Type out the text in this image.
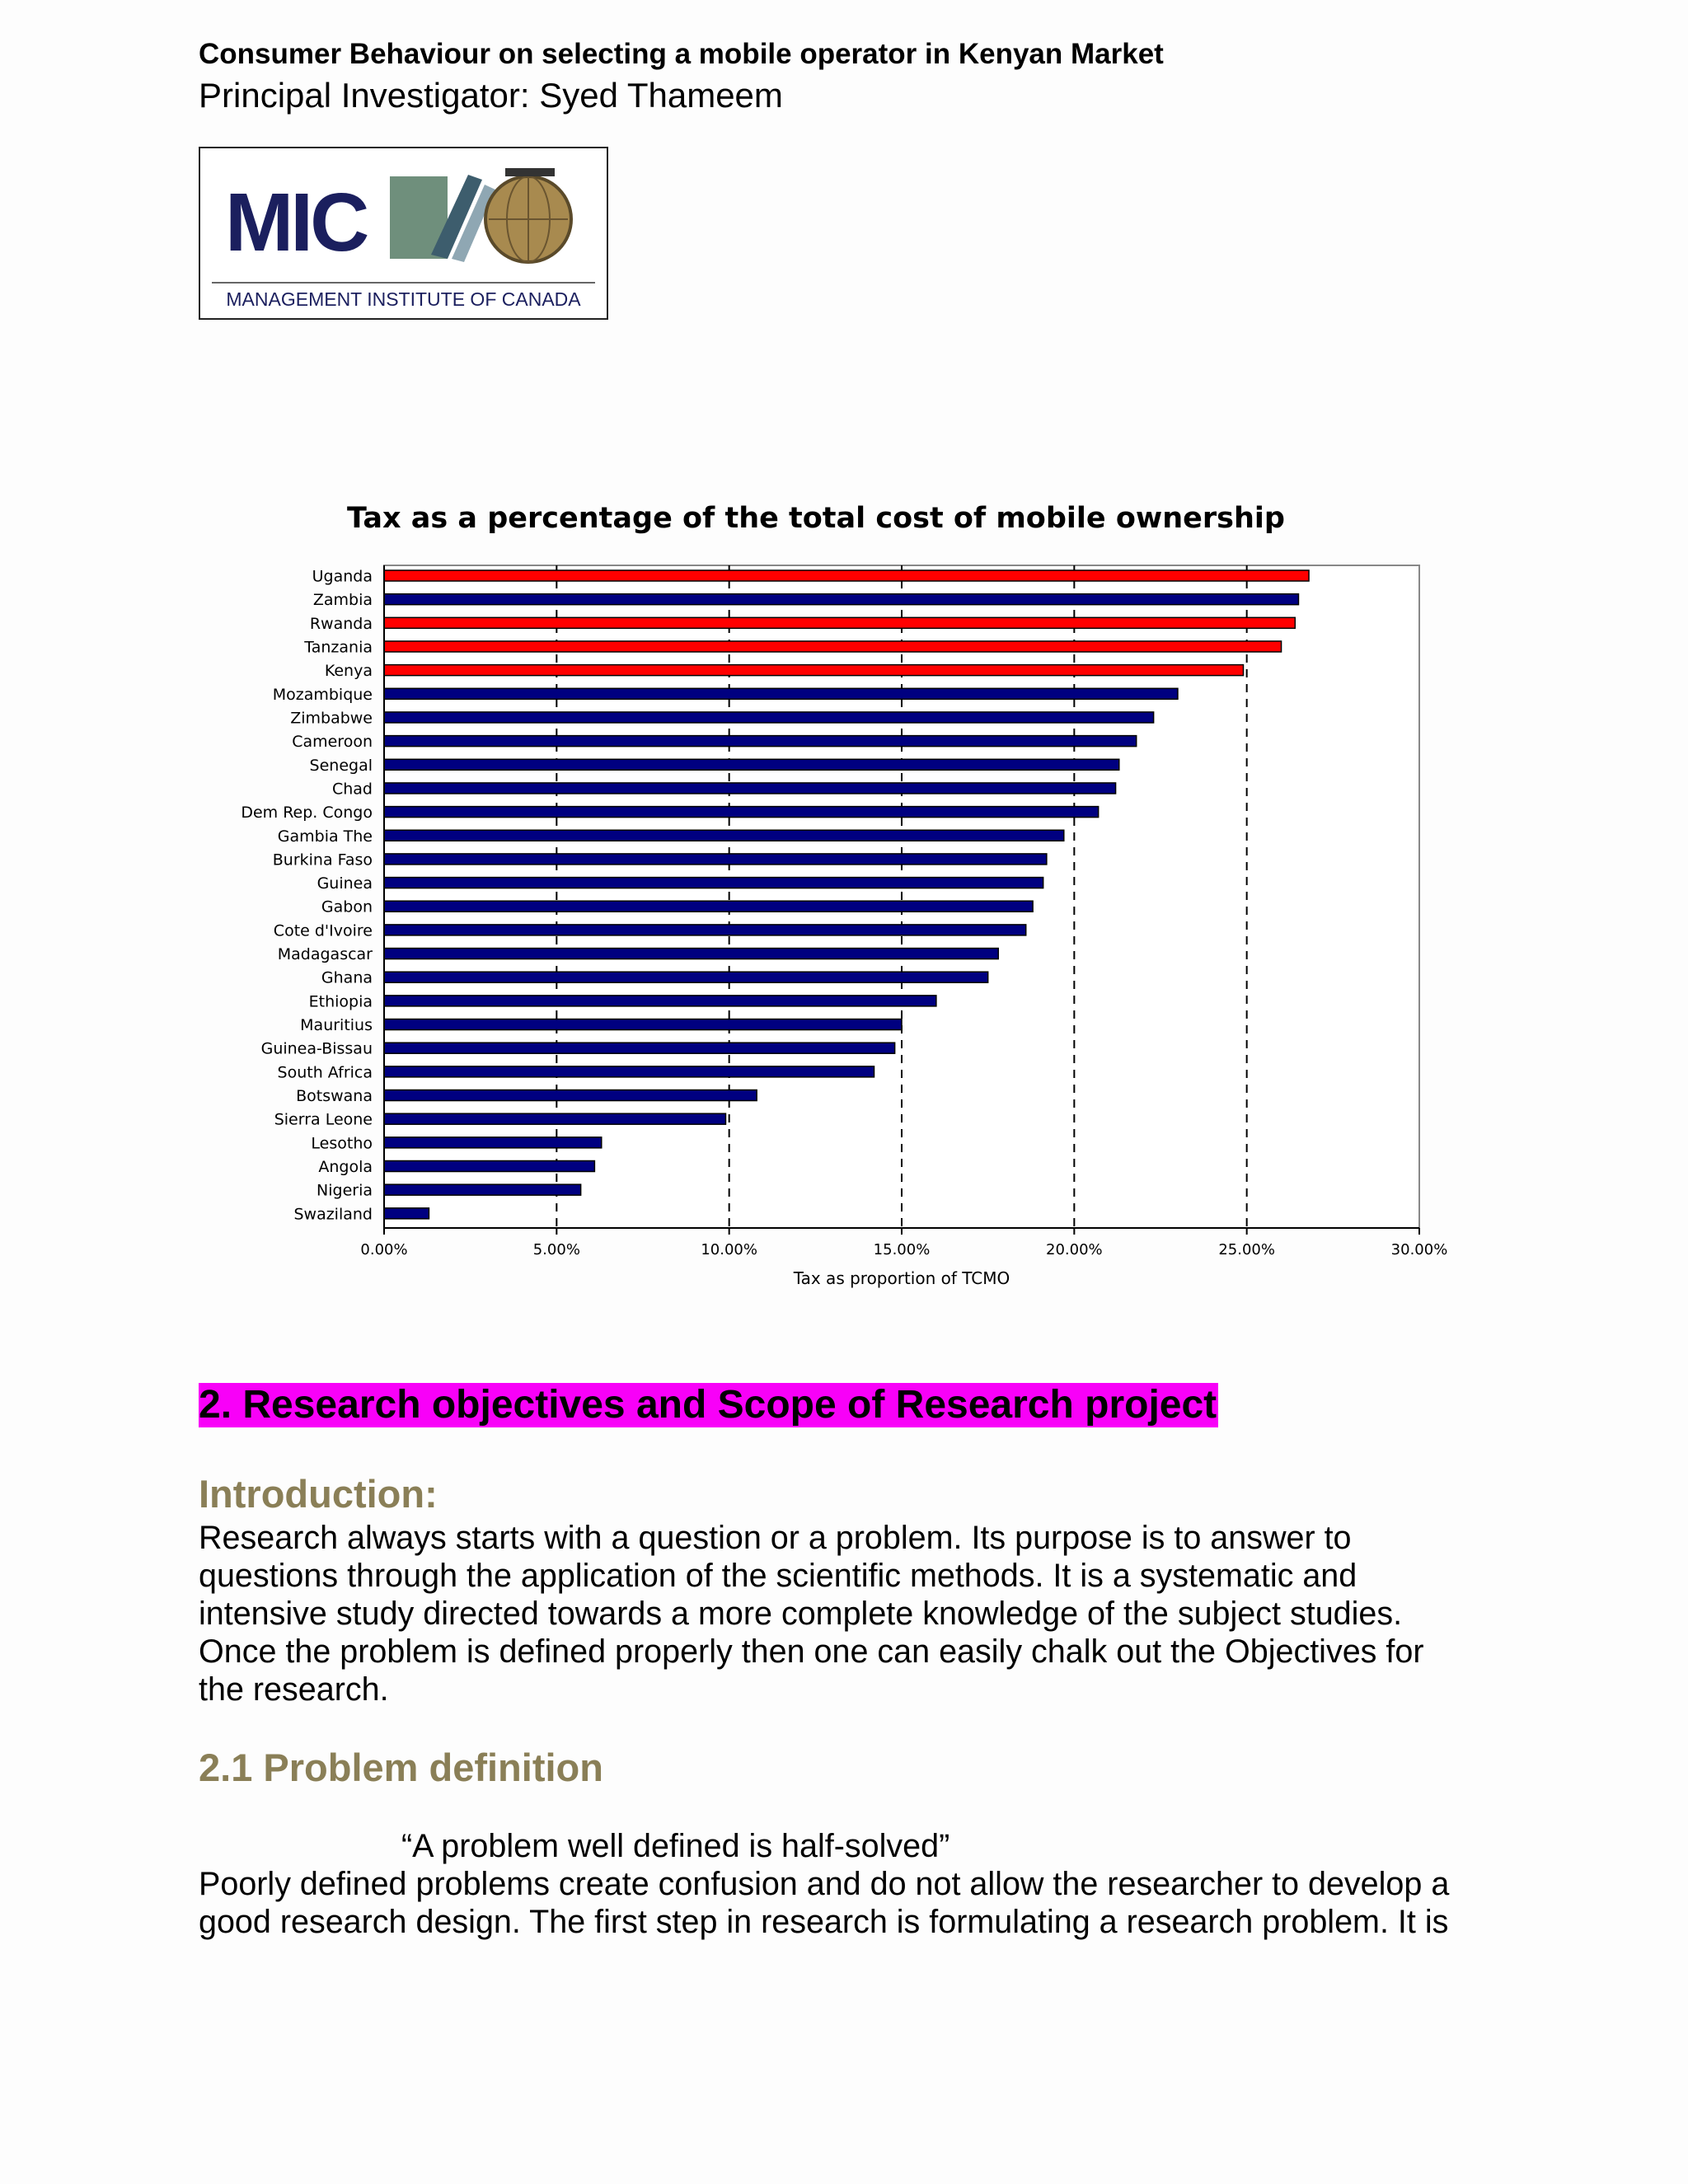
Consumer Behaviour on selecting a mobile operator in Kenyan Market
Principal Investigator: Syed Thameem
MIC
MANAGEMENT INSTITUTE OF CANADA
Tax as a percentage of the total cost of mobile ownership
Uganda
Zambia
Rwanda
Tanzania
Kenya
Mozambique
Zimbabwe
Cameroon
Senegal
Chad
Dem Rep. Congo
Gambia The
Burkina Faso
Guinea
Gabon
Cote d'Ivoire
Madagascar
Ghana
Ethiopia
Mauritius
Guinea-Bissau
South Africa
Botswana
Sierra Leone
Lesotho
Angola
Nigeria
Swaziland
0.00%	5.00%	10.00%	15.00%	20.00%	25.00%	30.00%
Tax as proportion of TCMO
2. Research objectives and Scope of Research project
Introduction:
Research always starts with a question or a problem. Its purpose is to answer to
questions through the application of the scientific methods. It is a systematic and
intensive study directed towards a more complete knowledge of the subject studies.
Once the problem is defined properly then one can easily chalk out the Objectives for
the research.
2.1 Problem definition
“A problem well defined is half-solved”
Poorly defined problems create confusion and do not allow the researcher to develop a
good research design. The first step in research is formulating a research problem. It is
